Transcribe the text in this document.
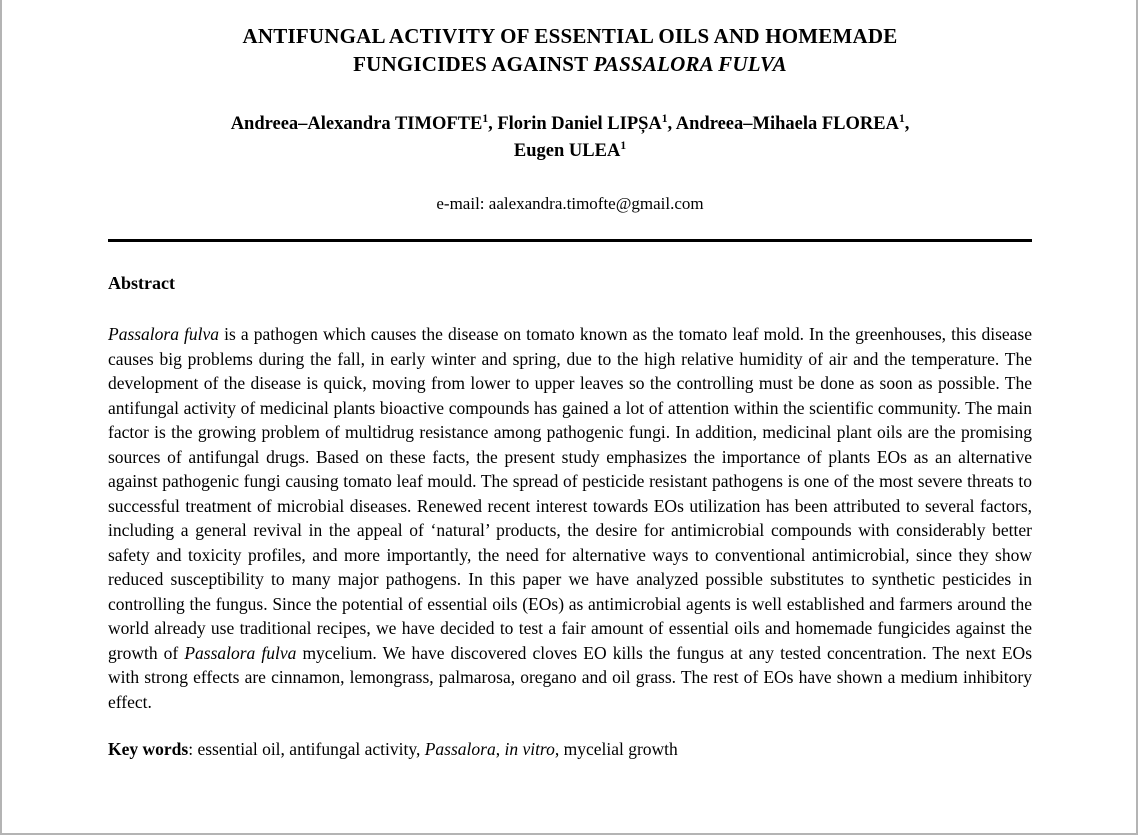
ANTIFUNGAL ACTIVITY OF ESSENTIAL OILS AND HOMEMADE
FUNGICIDES AGAINST PASSALORA FULVA

Andreea–Alexandra TIMOFTE$^1$, Florin Daniel LIPȘA$^1$, Andreea–Mihaela FLOREA$^1$,
Eugen ULEA$^1$

e-mail: aalexandra.timofte@gmail.com

Abstract

Passalora fulva is a pathogen which causes the disease on tomato known as the tomato leaf mold. In the greenhouses, this disease causes big problems during the fall, in early winter and spring, due to the high relative humidity of air and the temperature. The development of the disease is quick, moving from lower to upper leaves so the controlling must be done as soon as possible. The antifungal activity of medicinal plants bioactive compounds has gained a lot of attention within the scientific community. The main factor is the growing problem of multidrug resistance among pathogenic fungi. In addition, medicinal plant oils are the promising sources of antifungal drugs. Based on these facts, the present study emphasizes the importance of plants EOs as an alternative against pathogenic fungi causing tomato leaf mould. The spread of pesticide resistant pathogens is one of the most severe threats to successful treatment of microbial diseases. Renewed recent interest towards EOs utilization has been attributed to several factors, including a general revival in the appeal of ‘natural’ products, the desire for antimicrobial compounds with considerably better safety and toxicity profiles, and more importantly, the need for alternative ways to conventional antimicrobial, since they show reduced susceptibility to many major pathogens. In this paper we have analyzed possible substitutes to synthetic pesticides in controlling the fungus. Since the potential of essential oils (EOs) as antimicrobial agents is well established and farmers around the world already use traditional recipes, we have decided to test a fair amount of essential oils and homemade fungicides against the growth of Passalora fulva mycelium. We have discovered cloves EO kills the fungus at any tested concentration. The next EOs with strong effects are cinnamon, lemongrass, palmarosa, oregano and oil grass. The rest of EOs have shown a medium inhibitory effect.

Key words: essential oil, antifungal activity, Passalora, in vitro, mycelial growth
